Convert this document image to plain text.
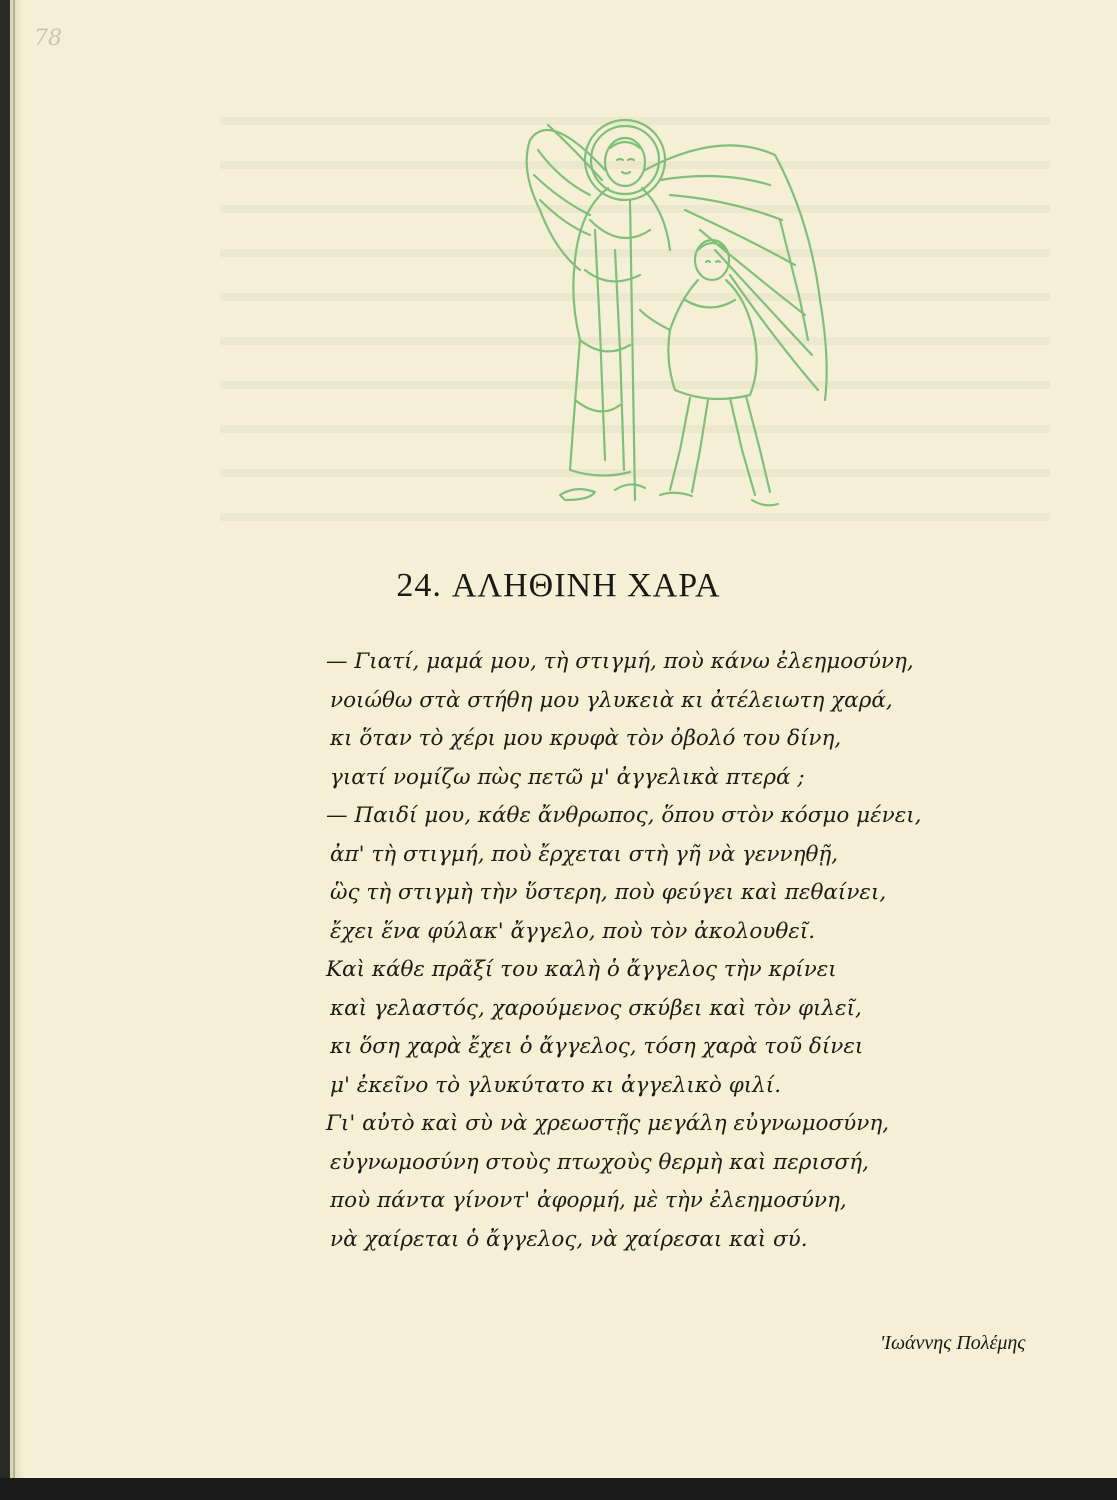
78
24. ΑΛΗΘΙΝΗ ΧΑΡΑ
— Γιατί, μαμά μου, τὴ στιγμή, ποὺ κάνω ἐλεημοσύνη,
νοιώθω στὰ στήθη μου γλυκειὰ κι ἀτέλειωτη χαρά,
κι ὅταν τὸ χέρι μου κρυφὰ τὸν ὀβολό του δίνη,
γιατί νομίζω πὼς πετῶ μ' ἀγγελικὰ πτερά ;
— Παιδί μου, κάθε ἄνθρωπος, ὅπου στὸν κόσμο μένει,
ἀπ' τὴ στιγμή, ποὺ ἔρχεται στὴ γῆ νὰ γεννηθῇ,
ὣς τὴ στιγμὴ τὴν ὕστερη, ποὺ φεύγει καὶ πεθαίνει,
ἔχει ἕνα φύλακ' ἄγγελο, ποὺ τὸν ἀκολουθεῖ.
Καὶ κάθε πρᾶξί του καλὴ ὁ ἄγγελος τὴν κρίνει
καὶ γελαστός, χαρούμενος σκύβει καὶ τὸν φιλεῖ,
κι ὅση χαρὰ ἔχει ὁ ἄγγελος, τόση χαρὰ τοῦ δίνει
μ' ἐκεῖνο τὸ γλυκύτατο κι ἀγγελικὸ φιλί.
Γι' αὐτὸ καὶ σὺ νὰ χρεωστῇς μεγάλη εὐγνωμοσύνη,
εὐγνωμοσύνη στοὺς πτωχοὺς θερμὴ καὶ περισσή,
ποὺ πάντα γίνοντ' ἀφορμή, μὲ τὴν ἐλεημοσύνη,
νὰ χαίρεται ὁ ἄγγελος, νὰ χαίρεσαι καὶ σύ.
'Ιωάννης Πολέμης
